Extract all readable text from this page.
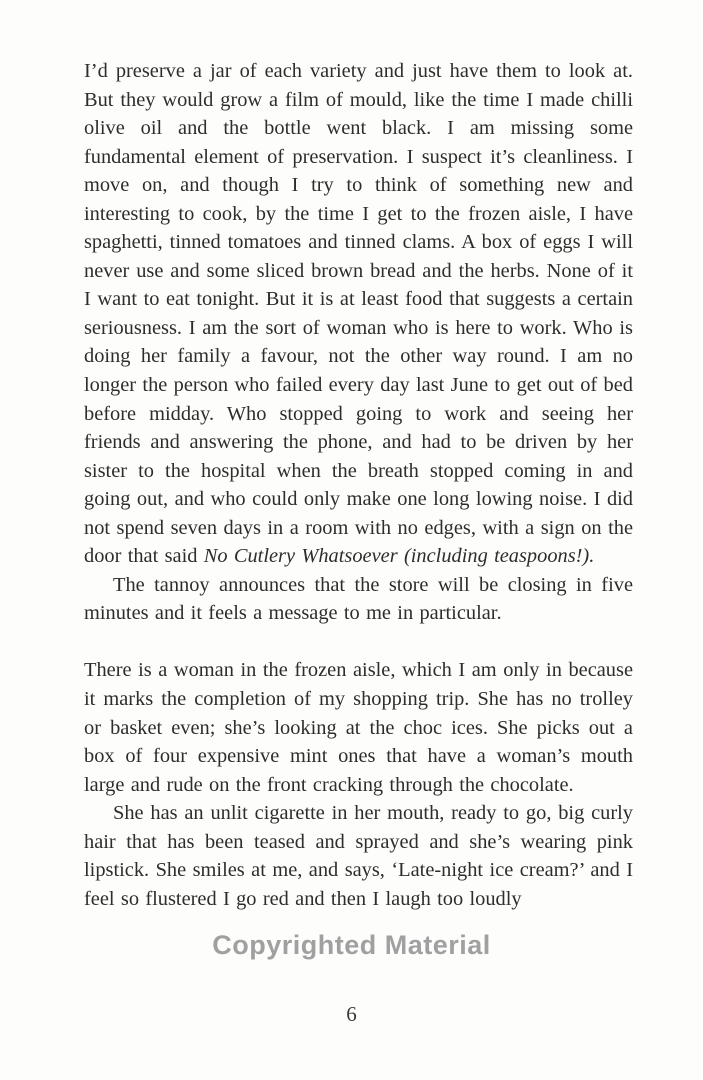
Copyrighted Material

I’d preserve a jar of each variety and just have them to look at. But they would grow a film of mould, like the time I made chilli olive oil and the bottle went black. I am missing some fundamental element of preservation. I suspect it’s cleanliness. I move on, and though I try to think of something new and interesting to cook, by the time I get to the frozen aisle, I have spaghetti, tinned tomatoes and tinned clams. A box of eggs I will never use and some sliced brown bread and the herbs. None of it I want to eat tonight. But it is at least food that suggests a certain seriousness. I am the sort of woman who is here to work. Who is doing her family a favour, not the other way round. I am no longer the person who failed every day last June to get out of bed before midday. Who stopped going to work and seeing her friends and answering the phone, and had to be driven by her sister to the hospital when the breath stopped coming in and going out, and who could only make one long lowing noise. I did not spend seven days in a room with no edges, with a sign on the door that said No Cutlery Whatsoever (including teaspoons!).

The tannoy announces that the store will be closing in five minutes and it feels a message to me in particular.

There is a woman in the frozen aisle, which I am only in because it marks the completion of my shopping trip. She has no trolley or basket even; she’s looking at the choc ices. She picks out a box of four expensive mint ones that have a woman’s mouth large and rude on the front cracking through the chocolate.

She has an unlit cigarette in her mouth, ready to go, big curly hair that has been teased and sprayed and she’s wearing pink lipstick. She smiles at me, and says, ‘Late-night ice cream?’ and I feel so flustered I go red and then I laugh too loudly

6
